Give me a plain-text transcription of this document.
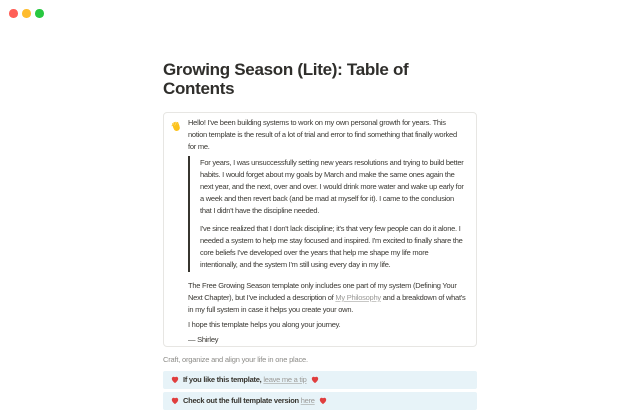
Growing Season (Lite): Table of Contents

Hello! I've been building systems to work on my own personal growth for years. This notion template is the result of a lot of trial and error to find something that finally worked for me.

For years, I was unsuccessfully setting new years resolutions and trying to build better habits. I would forget about my goals by March and make the same ones again the next year, and the next, over and over. I would drink more water and wake up early for a week and then revert back (and be mad at myself for it). I came to the conclusion that I didn't have the discipline needed.

I've since realized that I don't lack discipline; it's that very few people can do it alone. I needed a system to help me stay focused and inspired. I'm excited to finally share the core beliefs I've developed over the years that help me shape my life more intentionally, and the system I'm still using every day in my life.

The Free Growing Season template only includes one part of my system (Defining Your Next Chapter), but I've included a description of My Philosophy and a breakdown of what's in my full system in case it helps you create your own.

I hope this template helps you along your journey.

— Shirley

Craft, organize and align your life in one place.

If you like this template, leave me a tip
Check out the full template version here
